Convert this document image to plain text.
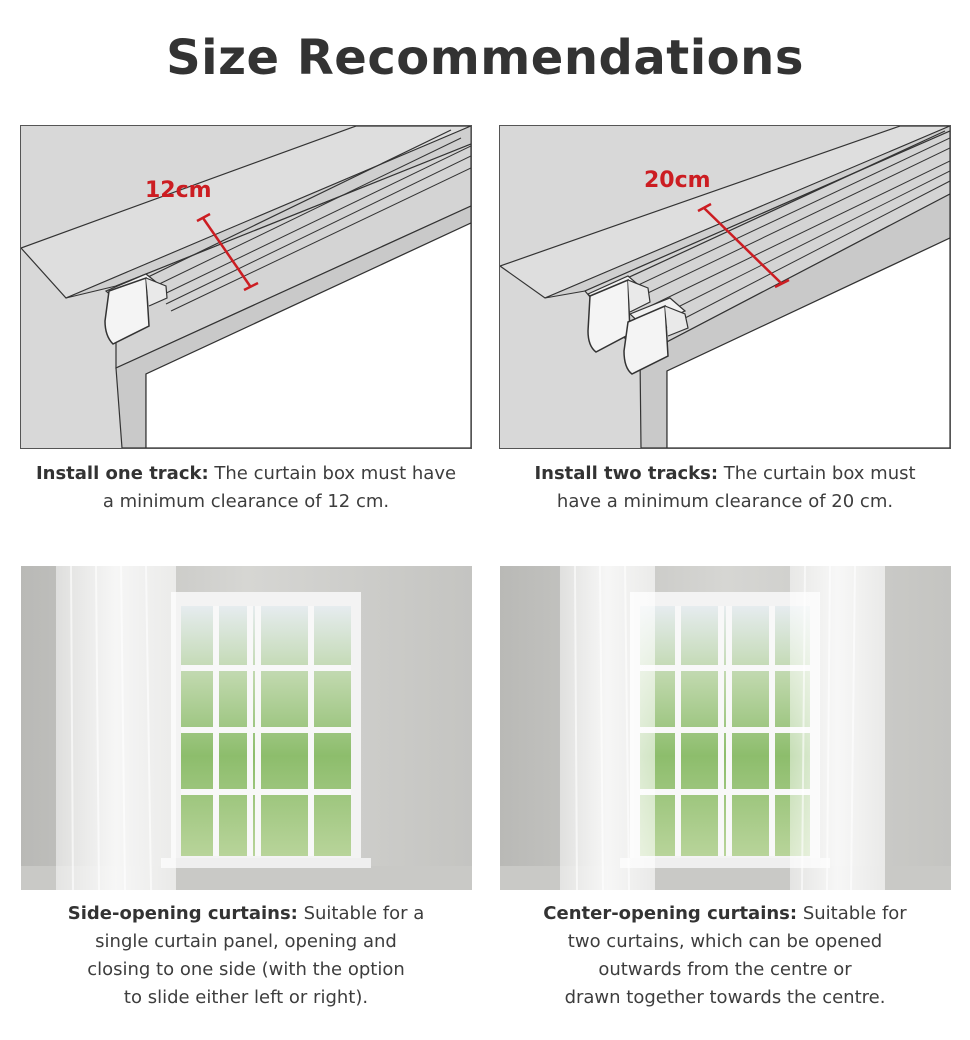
Size Recommendations
12cm
Install one track: The curtain box must have
a minimum clearance of 12 cm.
20cm
Install two tracks: The curtain box must
have a minimum clearance of 20 cm.
Side-opening curtains: Suitable for a
single curtain panel, opening and
closing to one side (with the option
to slide either left or right).
Center-opening curtains: Suitable for
two curtains, which can be opened
outwards from the centre or
drawn together towards the centre.
